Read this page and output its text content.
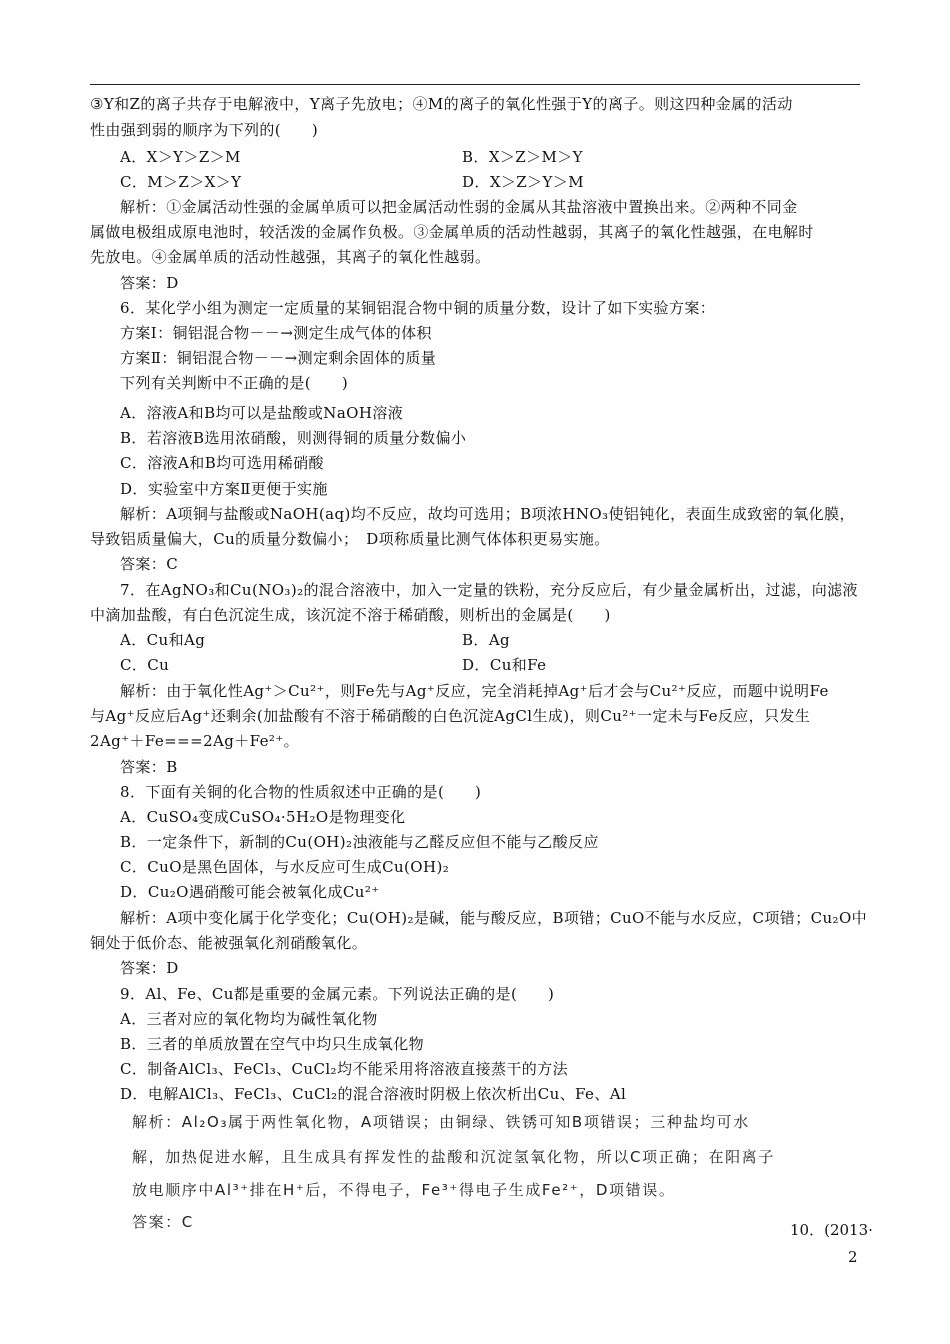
③Y和Z的离子共存于电解液中，Y离子先放电；④M的离子的氧化性强于Y的离子。则这四种金属的活动
性由强到弱的顺序为下列的(　　)
A．X＞Y＞Z＞M	B．X＞Z＞M＞Y
C．M＞Z＞X＞Y	D．X＞Z＞Y＞M
解析：①金属活动性强的金属单质可以把金属活动性弱的金属从其盐溶液中置换出来。②两种不同金
属做电极组成原电池时，较活泼的金属作负极。③金属单质的活动性越弱，其离子的氧化性越强，在电解时
先放电。④金属单质的活动性越强，其离子的氧化性越弱。
答案：D
6．某化学小组为测定一定质量的某铜铝混合物中铜的质量分数，设计了如下实验方案：
方案Ⅰ：铜铝混合物－－→测定生成气体的体积
方案Ⅱ：铜铝混合物－－→测定剩余固体的质量
下列有关判断中不正确的是(　　)
A．溶液A和B均可以是盐酸或NaOH溶液
B．若溶液B选用浓硝酸，则测得铜的质量分数偏小
C．溶液A和B均可选用稀硝酸
D．实验室中方案Ⅱ更便于实施
解析：A项铜与盐酸或NaOH(aq)均不反应，故均可选用；B项浓HNO₃使铝钝化，表面生成致密的氧化膜，
导致铝质量偏大，Cu的质量分数偏小；　D项称质量比测气体体积更易实施。
答案：C
7．在AgNO₃和Cu(NO₃)₂的混合溶液中，加入一定量的铁粉，充分反应后，有少量金属析出，过滤，向滤液
中滴加盐酸，有白色沉淀生成，该沉淀不溶于稀硝酸，则析出的金属是(　　)
A．Cu和Ag	B．Ag
C．Cu	D．Cu和Fe
解析：由于氧化性Ag⁺＞Cu²⁺，则Fe先与Ag⁺反应，完全消耗掉Ag⁺后才会与Cu²⁺反应，而题中说明Fe
与Ag⁺反应后Ag⁺还剩余(加盐酸有不溶于稀硝酸的白色沉淀AgCl生成)，则Cu²⁺一定未与Fe反应，只发生
2Ag⁺＋Fe===2Ag＋Fe²⁺。
答案：B
8．下面有关铜的化合物的性质叙述中正确的是(　　)
A．CuSO₄变成CuSO₄·5H₂O是物理变化
B．一定条件下，新制的Cu(OH)₂浊液能与乙醛反应但不能与乙酸反应
C．CuO是黑色固体，与水反应可生成Cu(OH)₂
D．Cu₂O遇硝酸可能会被氧化成Cu²⁺
解析：A项中变化属于化学变化；Cu(OH)₂是碱，能与酸反应，B项错；CuO不能与水反应，C项错；Cu₂O中
铜处于低价态、能被强氧化剂硝酸氧化。
答案：D
9．Al、Fe、Cu都是重要的金属元素。下列说法正确的是(　　)
A．三者对应的氧化物均为碱性氧化物
B．三者的单质放置在空气中均只生成氧化物
C．制备AlCl₃、FeCl₃、CuCl₂均不能采用将溶液直接蒸干的方法
D．电解AlCl₃、FeCl₃、CuCl₂的混合溶液时阴极上依次析出Cu、Fe、Al
解析：Al₂O₃属于两性氧化物，A项错误；由铜绿、铁锈可知B项错误；三种盐均可水
解，加热促进水解，且生成具有挥发性的盐酸和沉淀氢氧化物，所以C项正确；在阳离子
放电顺序中Al³⁺排在H⁺后，不得电子，Fe³⁺得电子生成Fe²⁺，D项错误。
答案：C	10．(2013·
2
